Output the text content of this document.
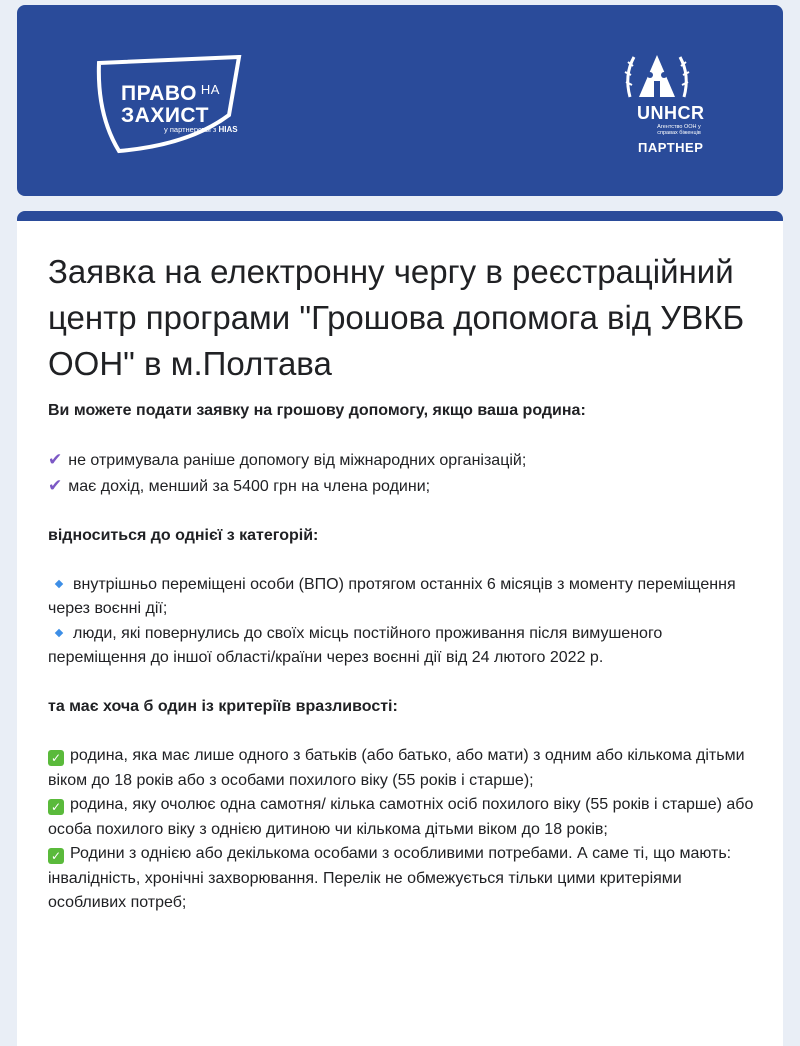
ПРАВО $^{НА}$
ЗАХИСТ
у партнерстві з HIAS
UNHCR
Агентство ООН у справах біженців
ПАРТНЕР
Заявка на електронну чергу в реєстраційний центр програми "Грошова допомога від УВКБ ООН" в м.Полтава

Ви можете подати заявку на грошову допомогу, якщо ваша родина:

✔ не отримувала раніше допомогу від міжнародних організацій;

✔ має дохід, менший за 5400 грн на члена родини;

відноситься до однієї з категорій:

внутрішньо переміщені особи (ВПО) протягом останніх 6 місяців з моменту переміщення через воєнні дії;

люди, які повернулись до своїх місць постійного проживання після вимушеного переміщення до іншої області/країни через воєнні дії від 24 лютого 2022 р.

та має хоча б один із критеріїв вразливості:

✓ родина, яка має лише одного з батьків (або батько, або мати) з одним або кількома дітьми віком до 18 років або з особами похилого віку (55 років і старше);

✓ родина, яку очолює одна самотня/ кілька самотніх осіб похилого віку (55 років і старше) або особа похилого віку з однією дитиною чи кількома дітьми віком до 18 років;

✓ Родини з однією або декількома особами з особливими потребами. А саме ті, що мають: інвалідність, хронічні захворювання. Перелік не обмежується тільки цими критеріями особливих потреб;
